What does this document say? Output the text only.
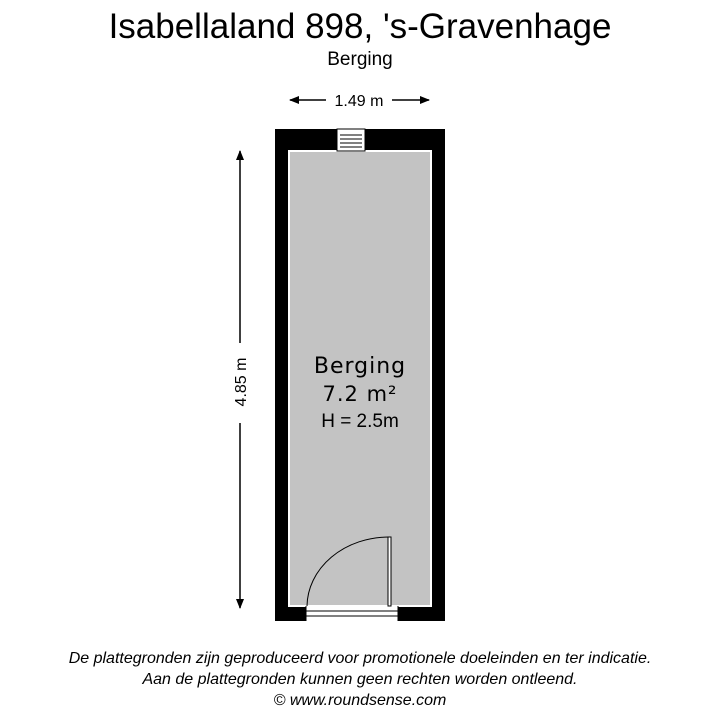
Isabellaland 898, 's-Gravenhage
Berging
1.49 m
4.85 m	Berging
7.2 m²
H = 2.5m
De plattegronden zijn geproduceerd voor promotionele doeleinden en ter indicatie.
Aan de plattegronden kunnen geen rechten worden ontleend.
© www.roundsense.com
